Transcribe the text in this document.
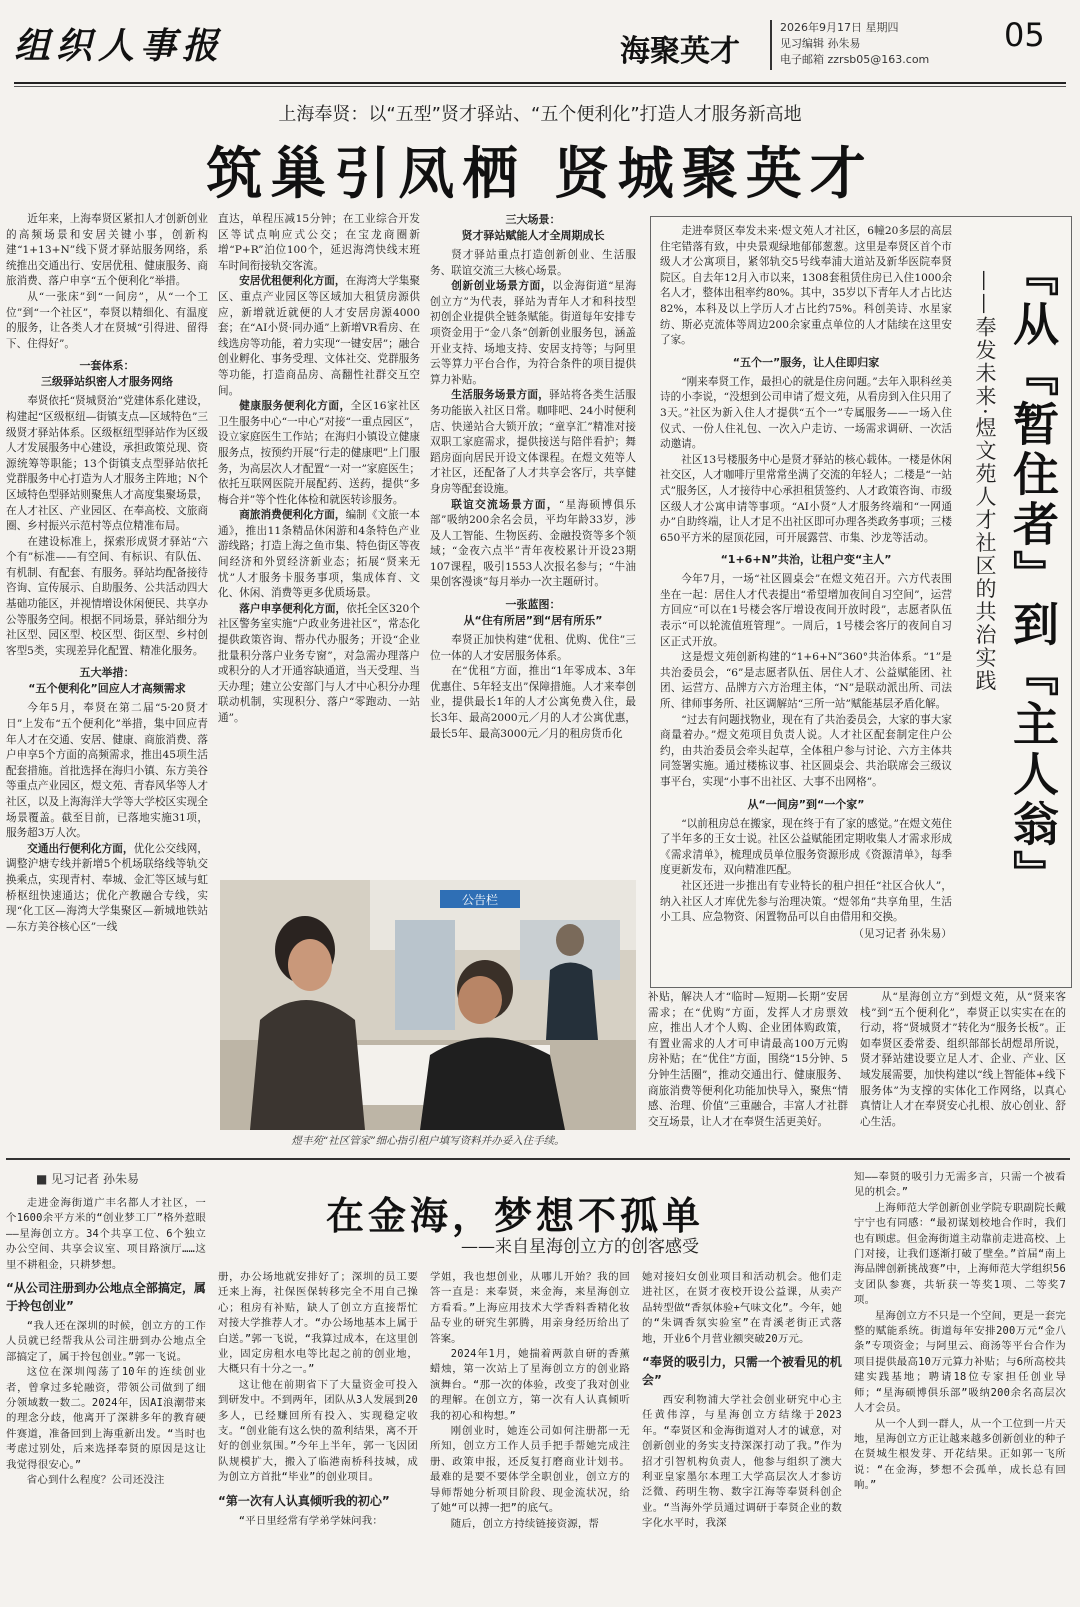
组织人事报	海聚英才
2026年9月17日 星期四
见习编辑 孙朱易
电子邮箱 zzrsb05@163.com
05
上海奉贤：以“五型”贤才驿站、“五个便利化”打造人才服务新高地
筑巢引凤栖 贤城聚英才

近年来，上海奉贤区紧扣人才创新创业的高频场景和安居关键小事，创新构建“1+13+N”线下贤才驿站服务网络，系统推出交通出行、安居优租、健康服务、商旅消费、落户申享“五个便利化”举措。

从“一张床”到“一间房”，从“一个工位”到“一个社区”，奉贤以精细化、有温度的服务，让各类人才在贤城“引得进、留得下、住得好”。

一套体系：
三级驿站织密人才服务网络

奉贤依托“贤城贤治”党建体系化建设，构建起“区级枢纽—街镇支点—区域特色”三级贤才驿站体系。区级枢纽型驿站作为区级人才发展服务中心建设，承担政策兑现、资源统筹等职能；13个街镇支点型驿站依托党群服务中心打造为人才服务主阵地；N个区域特色型驿站则聚焦人才高度集聚场景，在人才社区、产业园区、在奉高校、文旅商圈、乡村振兴示范村等点位精准布局。

在建设标准上，探索形成贤才驿站“六个有”标准——有空间、有标识、有队伍、有机制、有配套、有服务。驿站均配备接待咨询、宣传展示、自助服务、公共活动四大基础功能区，并视情增设休闲便民、共享办公等服务空间。根据不同场景，驿站细分为社区型、园区型、校区型、街区型、乡村创客型5类，实现差异化配置、精准化服务。

五大举措：
“五个便利化”回应人才高频需求

今年5月，奉贤在第二届“5·20贤才日”上发布“五个便利化”举措，集中回应青年人才在交通、安居、健康、商旅消费、落户申享5个方面的高频需求，推出45项生活配套措施。首批选择在海归小镇、东方美谷等重点产业园区，煜文苑、青春风华等人才社区，以及上海海洋大学等大学校区实现全场景覆盖。截至目前，已落地实施31项，服务超3万人次。

交通出行便利化方面，优化公交线网，调整沪塘专线并新增5个机场联络线等轨交换乘点，实现青村、奉城、金汇等区域与虹桥枢纽快速通达；优化产教融合专线，实现“化工区—海湾大学集聚区—新城地铁站—东方美谷核心区”一线

直达，单程压减15分钟；在工业综合开发区等试点响应式公交；在宝龙商圈新增“P+R”泊位100个，延迟海湾快线末班车时间衔接轨交客流。

安居优租便利化方面，在海湾大学集聚区、重点产业园区等区域加大租赁房源供应，新增就近就便的人才安居房源4000套；在“AI小贤·同办通”上新增VR看房、在线选房等功能，着力实现“一键安居”；融合创业孵化、事务受理、文体社交、党群服务等功能，打造商品房、高翻性社群交互空间。

健康服务便利化方面，全区16家社区卫生服务中心“一中心”对接“一重点园区”，设立家庭医生工作站；在海归小镇设立健康服务点，按预约开展“行走的健康吧”上门服务，为高层次人才配置“一对一”家庭医生；依托互联网医院开展配药、送药，提供“多梅合并”等个性化体检和就医转诊服务。

商旅消费便利化方面，编制《文旅一本通》，推出11条精品休闲游和4条特色产业游线路；打造上海之鱼市集、特色街区等夜间经济和外贸经济新业态；拓展“贤来无忧”人才服务卡服务事项，集成体育、文化、休闲、消费等更多优质场景。

落户申享便利化方面，依托全区320个社区警务室实施“户政业务进社区”，常态化提供政策咨询、帮办代办服务；开设“企业批量积分落户业务专窗”，对急需办理落户或积分的人才开通容缺通道，当天受理、当天办理；建立公安部门与人才中心积分办理联动机制，实现积分、落户“零跑动、一站通”。

三大场景：
贤才驿站赋能人才全周期成长

贤才驿站重点打造创新创业、生活服务、联谊交流三大核心场景。

创新创业场景方面，以金海街道“星海创立方”为代表，驿站为青年人才和科技型初创企业提供全链条赋能。街道每年安排专项资金用于“金八条”创新创业服务包，涵盖开业支持、场地支持、安居支持等；与阿里云等算力平台合作，为符合条件的项目提供算力补贴。

生活服务场景方面，驿站将各类生活服务功能嵌入社区日常。咖啡吧、24小时便利店、快递站合大锁开放；“童享汇”精准对接双职工家庭需求，提供接送与陪伴看护；舞蹈房面向居民开设文体课程。在煜文苑等人才社区，还配备了人才共享会客厅，共享健身房等配套设施。

联谊交流场景方面，“星海硕博俱乐部”吸纳200余名会员，平均年龄33岁，涉及人工智能、生物医药、金融投资等多个领域；“金夜六点半”青年夜校累计开设23期107课程，吸引1553人次报名参与；“牛油果创客漫谈”每月举办一次主题研讨。

一张蓝图：
从“住有所居”到“居有所乐”

奉贤正加快构建“优租、优购、优住”三位一体的人才安居服务体系。

在“优租”方面，推出“1年零成本、3年优惠住、5年轻支出”保障措施。人才来奉创业，提供最长1年的人才公寓免费入住，最长3年、最高2000元／月的人才公寓优惠，最长5年、最高3000元／月的租房货币化

走进奉贤区奉发未来·煜文苑人才社区，6幢20多层的高层住宅错落有致，中央景观绿地郁郁葱葱。这里是奉贤区首个市级人才公寓项目，紧邻轨交5号线奉浦大道站及新华医院奉贤院区。自去年12月入市以来，1308套租赁住房已入住1000余名人才，整体出租率约80%。其中，35岁以下青年人才占比达82%，本科及以上学历人才占比约75%。科创美诗、水星家纺、斯必克流体等周边200余家重点单位的人才陆续在这里安了家。

“五个一”服务，让人住即归家

“刚来奉贤工作，最担心的就是住房问题。”去年入职科丝美诗的小李说，“没想到公司申请了煜文苑，从看房到入住只用了3天。”社区为新入住人才提供“五个一”专属服务——一场入住仪式、一份人住礼包、一次入户走访、一场需求调研、一次活动邀请。

社区13号楼服务中心是贤才驿站的核心载体。一楼是休闲社交区，人才咖啡厅里常常坐满了交流的年轻人；二楼是“一站式”服务区，人才接待中心承担租赁签约、人才政策咨询、市级区级人才公寓申请等事项。“AI小贤”人才服务终端和“一网通办”自助终端，让人才足不出社区即可办理各类政务事项；三楼650平方米的屋顶花园，可开展露营、市集、沙龙等活动。

“1+6+N”共治，让租户变“主人”

今年7月，一场“社区圆桌会”在煜文苑召开。六方代表围坐在一起：居住人才代表提出“希望增加夜间自习空间”，运营方回应“可以在1号楼会客厅增设夜间开放时段”，志愿者队伍表示“可以轮流值班管理”。一周后，1号楼会客厅的夜间自习区正式开放。

这是煜文苑创新构建的“1+6+N”360°共治体系。“1”是共治委员会，“6”是志愿者队伍、居住人才、公益赋能团、社团、运营方、品牌方六方治理主体，“N”是联动派出所、司法所、律师事务所、社区调解站“三所一站”赋能基层矛盾化解。

“过去有问题找物业，现在有了共治委员会，大家的事大家商量着办。”煜文苑项目负责人说。人才社区配套制定住户公约，由共治委员会牵头起草，全体租户参与讨论、六方主体共同签署实施。通过楼栋议事、社区圆桌会、共治联席会三级议事平台，实现“小事不出社区、大事不出网格”。

从“一间房”到“一个家”

“以前租房总在搬家，现在终于有了家的感觉。”在煜文苑住了半年多的王女士说。社区公益赋能团定期收集人才需求形成《需求清单》，梳理成员单位服务资源形成《资源清单》，每季度更新发布，双向精准匹配。

社区还进一步推出有专业特长的租户担任“社区合伙人”，纳入社区人才库优先参与治理决策。“煜邻角”共享角里，生活小工具、应急物资、闲置物品可以自由借用和交换。

（见习记者 孙朱易）
『从『暂住者』到『主人翁』
——奉发未来·煜文苑人才社区的共治实践
公告栏
煜丰苑“社区管家”细心指引租户填写资料并办妥入住手续。

补贴，解决人才“临时—短期—长期”安居需求；在“优购”方面，发挥人才房票效应，推出人才个人购、企业团体购政策，有置业需求的人才可申请最高100万元购房补贴；在“优住”方面，围绕“15分钟、5分钟生活圈”，推动交通出行、健康服务、商旅消费等便利化功能加快导入，聚焦“情感、治理、价值”三重融合，丰富人才社群交互场景，让人才在奉贤生活更美好。

从“星海创立方”到煜文苑，从“贤来客栈”到“五个便利化”，奉贤正以实实在在的行动，将“贤城贤才”转化为“服务长板”。正如奉贤区委常委、组织部部长胡煜昂所说，贤才驿站建设要立足人才、企业、产业、区域发展需要，加快构建以“线上智能体+线下服务体”为支撑的实体化工作网络，以真心真情让人才在奉贤安心扎根、放心创业、舒心生活。

■ 见习记者 孙朱易
在金海，梦想不孤单
——来自星海创立方的创客感受

走进金海街道广丰名都人才社区，一个1600余平方米的“创业梦工厂”格外惹眼——星海创立方。34个共享工位、6个独立办公空间、共享会议室、项目路演厅……这里不耕租金，只耕梦想。

“从公司注册到办公地点全部搞定，属于拎包创业”

“我人还在深圳的时候，创立方的工作人员就已经帮我从公司注册到办公地点全部搞定了，属于拎包创业。”郭一飞说。

这位在深圳闯荡了10年的连续创业者，曾拿过多轮融资，带领公司做到了细分领域数一数二。2024年，因AI浪潮带来的理念分歧，他离开了深耕多年的教育硬件赛道，准备回到上海重新出发。“当时也考虑过别处，后来选择奉贤的原因是这让我觉得很安心。”

省心到什么程度？公司还没注

册，办公场地就安排好了；深圳的员工要迁来上海，社保医保转移完全不用自己操心；租房有补贴，缺人了创立方直接帮忙对接大学推荐人才。“办公场地基本上属于白送。”郭一飞说，“我算过成本，在这里创业，固定房租水电等比起之前的创业地，大概只有十分之一。”

这让他在前期省下了大量资金可投入到研发中。不到两年，团队从3人发展到20多人，已经赚回所有投入、实现稳定收支。“创业能有这么快的盈利结果，离不开好的创业氛围。”今年上半年，郭一飞因团队规模扩大，搬入了临港南桥科技城，成为创立方首批“毕业”的创业项目。

“第一次有人认真倾听我的初心”

“平日里经常有学弟学妹问我：

学姐，我也想创业，从哪儿开始？我的回答一直是：来奉贤，来金海，来星海创立方看看。”上海应用技术大学香料香精化妆品专业的研究生郭腾，用亲身经历给出了答案。

2024年1月，她揣着两款自研的香薰蜡烛，第一次站上了星海创立方的创业路演舞台。“那一次的体验，改变了我对创业的理解。在创立方，第一次有人认真倾听我的初心和构想。”

刚创业时，她连公司如何注册都一无所知，创立方工作人员手把手帮她完成注册、政策申报，还反复打磨商业计划书。最难的是要不要体学全职创业，创立方的导师帮她分析项目阶段、现金流状况，给了她“可以搏一把”的底气。

随后，创立方持续链接资源，帮

她对接妇女创业项目和活动机会。他们走进社区，在贤才夜校开设公益课，从卖产品转型做“香氛体验+气味文化”。今年，她的“朱调香氛实验室”在青溪老街正式落地，开业6个月营业额突破20万元。

“奉贤的吸引力，只需一个被看见的机会”

西安利物浦大学社会创业研究中心主任黄伟淳，与星海创立方结缘于2023年。“奉贤区和金海街道对人才的诚意，对创新创业的务实支持深深打动了我。”作为招才引智机构负责人，他参与组织了澳大利亚皇家墨尔本理工大学高层次人才参访泛微、药明生物、数字江海等奉贤科创企业。“当海外学员通过调研于奉贤企业的数字化水平时，我深

知——奉贤的吸引力无需多言，只需一个被看见的机会。”

上海师范大学创新创业学院专职副院长戴宁宁也有同感：“最初谋划校地合作时，我们也有顾虑。但金海街道主动靠前走进高校、上门对接，让我们逐渐打破了壁垒。”首届“南上海品牌创新挑战赛”中，上海师范大学组织56支团队参赛，共斩获一等奖1项、二等奖7项。

星海创立方不只是一个空间，更是一套完整的赋能系统。街道每年安排200万元“金八条”专项资金；与阿里云、商汤等平台合作为项目提供最高10万元算力补贴；与6所高校共建实践基地；聘请18位专家担任创业导师；“星海硕博俱乐部”吸纳200余名高层次人才会员。

从一个人到一群人，从一个工位到一片天地，星海创立方正让越来越多创新创业的种子在贤城生根发芽、开花结果。正如郭一飞所说：“在金海，梦想不会孤单，成长总有回响。”
